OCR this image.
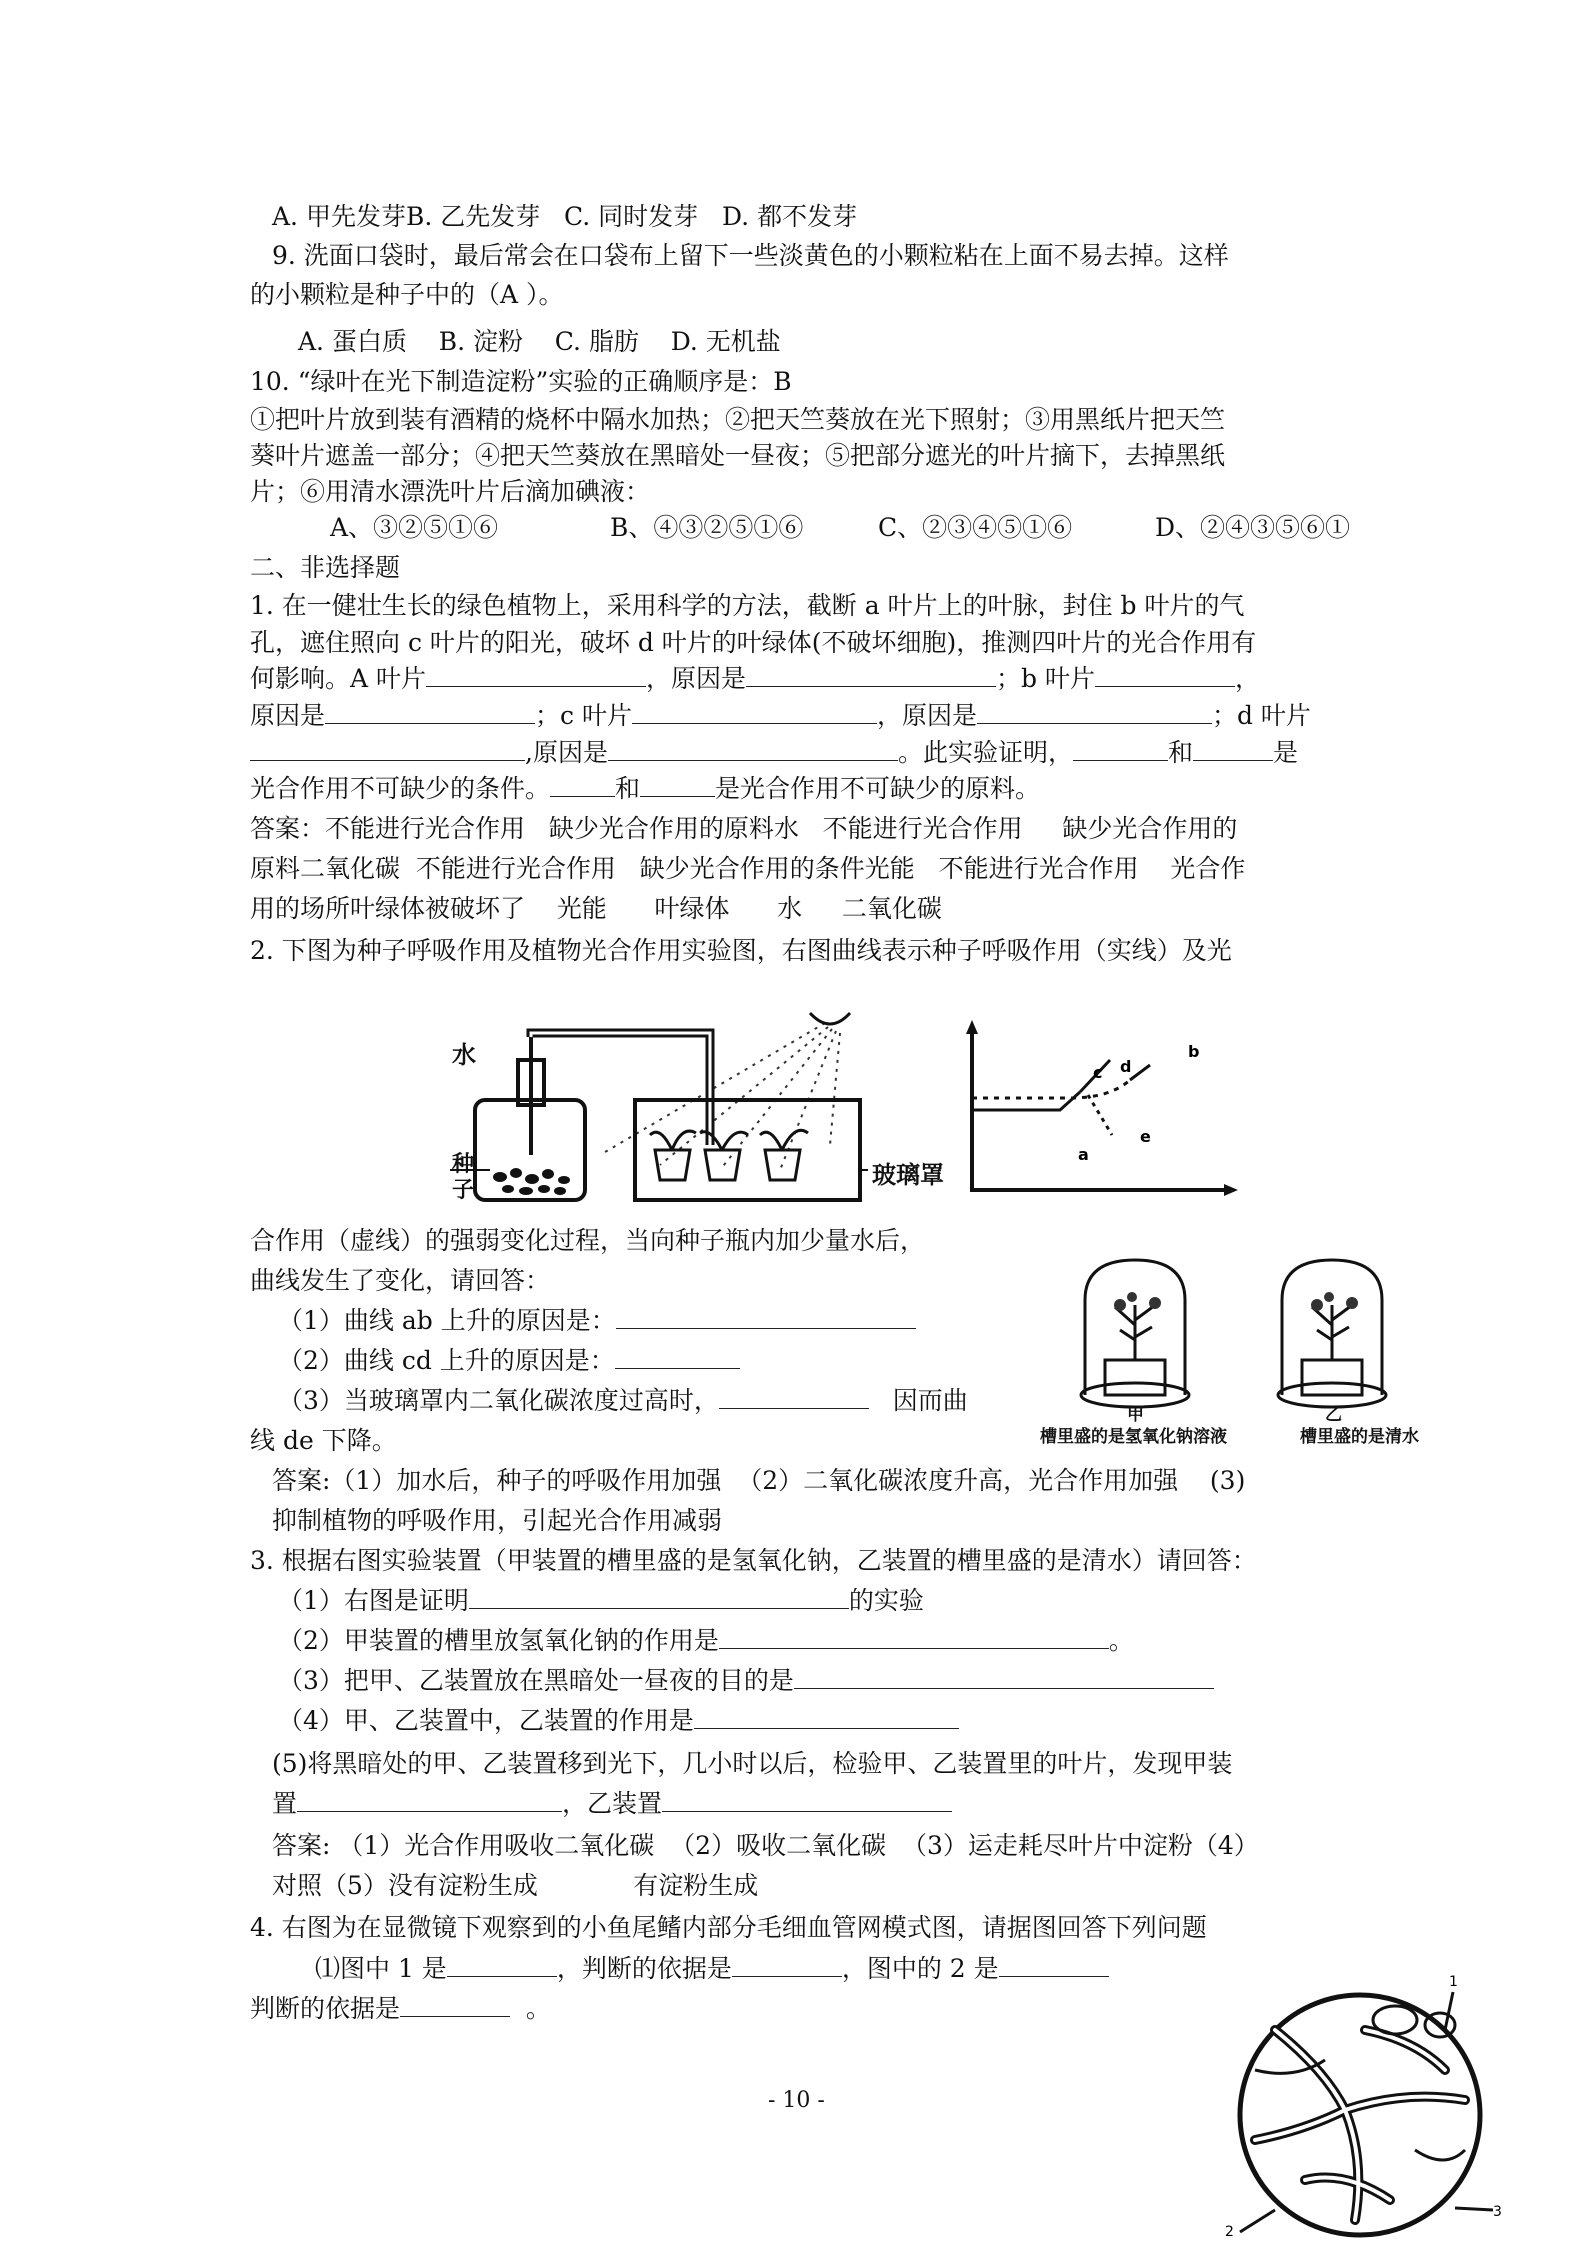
A. 甲先发芽B. 乙先发芽   C. 同时发芽   D. 都不发芽
9. 洗面口袋时，最后常会在口袋布上留下一些淡黄色的小颗粒粘在上面不易去掉。这样
的小颗粒是种子中的（A ）。
A. 蛋白质    B. 淀粉    C. 脂肪    D. 无机盐
10. “绿叶在光下制造淀粉”实验的正确顺序是：B
①把叶片放到装有酒精的烧杯中隔水加热；②把天竺葵放在光下照射；③用黑纸片把天竺
葵叶片遮盖一部分；④把天竺葵放在黑暗处一昼夜；⑤把部分遮光的叶片摘下，去掉黑纸
片；⑥用清水漂洗叶片后滴加碘液：
A、③②⑤①⑥	B、④③②⑤①⑥	C、②③④⑤①⑥	D、②④③⑤⑥①
二、非选择题
1. 在一健壮生长的绿色植物上，采用科学的方法，截断 a 叶片上的叶脉，封住 b 叶片的气
孔，遮住照向 c 叶片的阳光，破坏 d 叶片的叶绿体(不破坏细胞)，推测四叶片的光合作用有
何影响。A 叶片	，原因是	；b 叶片	，
原因是	；c 叶片	，原因是	；d 叶片
,原因是	。此实验证明，	和	是
光合作用不可缺少的条件。	和	是光合作用不可缺少的原料。
答案：不能进行光合作用   缺少光合作用的原料水   不能进行光合作用     缺少光合作用的
原料二氧化碳  不能进行光合作用   缺少光合作用的条件光能   不能进行光合作用    光合作
用的场所叶绿体被破坏了    光能      叶绿体      水     二氧化碳
2. 下图为种子呼吸作用及植物光合作用实验图，右图曲线表示种子呼吸作用（实线）及光
水
种子
玻璃罩
a
b
c d
e
合作用（虚线）的强弱变化过程，当向种子瓶内加少量水后，
曲线发生了变化，请回答：
（1）曲线 ab 上升的原因是：
（2）曲线 cd 上升的原因是：
（3）当玻璃罩内二氧化碳浓度过高时，	因而曲
线 de 下降。
甲
槽里盛的是氢氧化钠溶液
乙
槽里盛的是清水
答案:（1）加水后，种子的呼吸作用加强  （2）二氧化碳浓度升高，光合作用加强    (3)
抑制植物的呼吸作用，引起光合作用减弱
3. 根据右图实验装置（甲装置的槽里盛的是氢氧化钠，乙装置的槽里盛的是清水）请回答：
（1）右图是证明	的实验
（2）甲装置的槽里放氢氧化钠的作用是	。
（3）把甲、乙装置放在黑暗处一昼夜的目的是
（4）甲、乙装置中，乙装置的作用是
(5)将黑暗处的甲、乙装置移到光下，几小时以后，检验甲、乙装置里的叶片，发现甲装
置	，乙装置
答案: （1）光合作用吸收二氧化碳  （2）吸收二氧化碳  （3）运走耗尽叶片中淀粉（4）
对照（5）没有淀粉生成            有淀粉生成
4. 右图为在显微镜下观察到的小鱼尾鳍内部分毛细血管网模式图，请据图回答下列问题
⑴图中 1 是	，判断的依据是	，图中的 2 是
判断的依据是	。
1
2
3
- 10 -
